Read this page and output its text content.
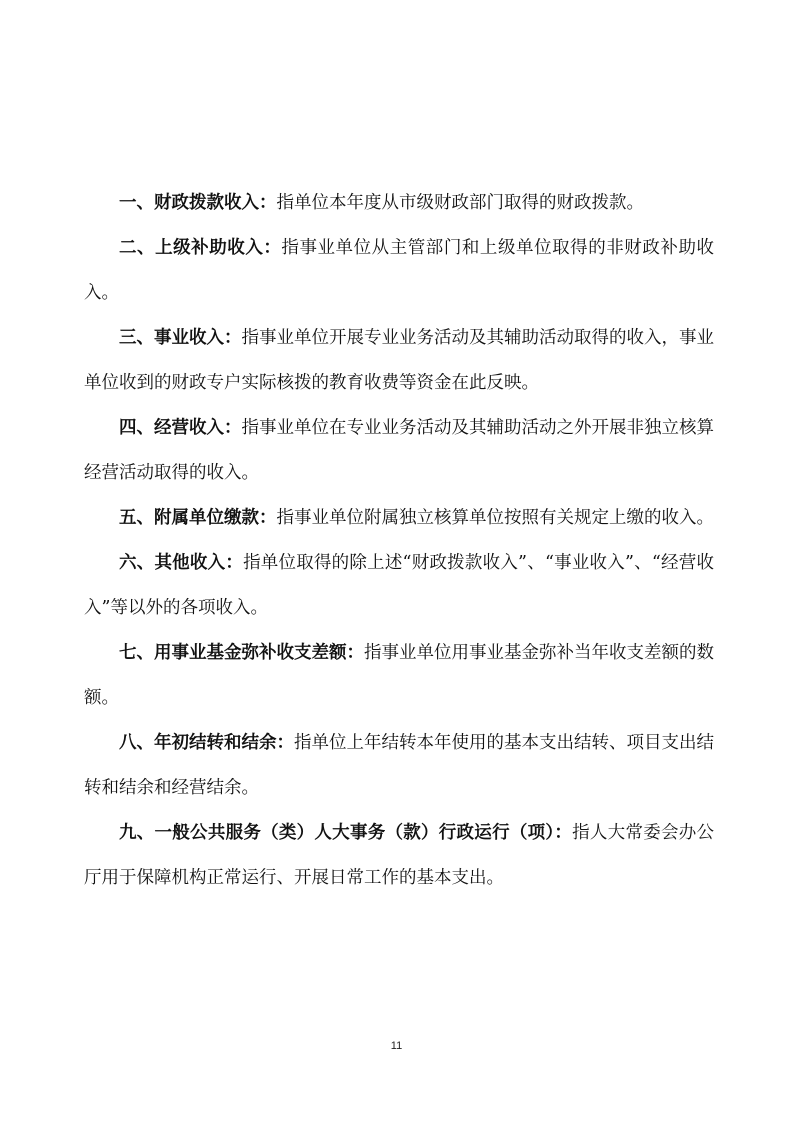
一、财政拨款收入：指单位本年度从市级财政部门取得的财政拨款。

二、上级补助收入：指事业单位从主管部门和上级单位取得的非财政补助收入。

三、事业收入：指事业单位开展专业业务活动及其辅助活动取得的收入，事业单位收到的财政专户实际核拨的教育收费等资金在此反映。

四、经营收入：指事业单位在专业业务活动及其辅助活动之外开展非独立核算经营活动取得的收入。

五、附属单位缴款：指事业单位附属独立核算单位按照有关规定上缴的收入。

六、其他收入：指单位取得的除上述“财政拨款收入”、“事业收入”、“经营收入”等以外的各项收入。

七、用事业基金弥补收支差额：指事业单位用事业基金弥补当年收支差额的数额。

八、年初结转和结余：指单位上年结转本年使用的基本支出结转、项目支出结转和结余和经营结余。

九、一般公共服务（类）人大事务（款）行政运行（项）：指人大常委会办公厅用于保障机构正常运行、开展日常工作的基本支出。

11
